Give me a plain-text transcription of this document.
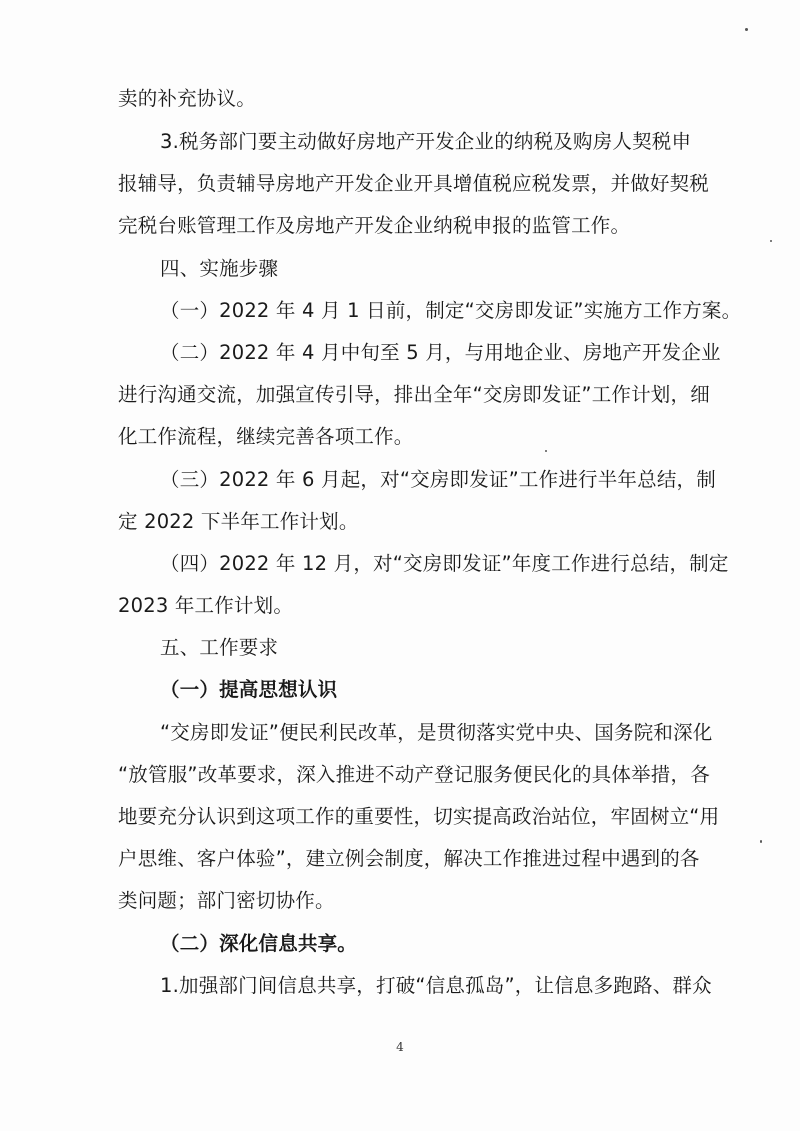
卖的补充协议。
3.税务部门要主动做好房地产开发企业的纳税及购房人契税申
报辅导，负责辅导房地产开发企业开具增值税应税发票，并做好契税
完税台账管理工作及房地产开发企业纳税申报的监管工作。
四、实施步骤
（一）2022 年 4 月 1 日前，制定“交房即发证”实施方工作方案。
（二）2022 年 4 月中旬至 5 月，与用地企业、房地产开发企业
进行沟通交流，加强宣传引导，排出全年“交房即发证”工作计划，细
化工作流程，继续完善各项工作。
（三）2022 年 6 月起，对“交房即发证”工作进行半年总结，制
定 2022 下半年工作计划。
（四）2022 年 12 月，对“交房即发证”年度工作进行总结，制定
2023 年工作计划。
五、工作要求
（一）提高思想认识
“交房即发证”便民利民改革，是贯彻落实党中央、国务院和深化
“放管服”改革要求，深入推进不动产登记服务便民化的具体举措，各
地要充分认识到这项工作的重要性，切实提高政治站位，牢固树立“用
户思维、客户体验”，建立例会制度，解决工作推进过程中遇到的各
类问题；部门密切协作。
（二）深化信息共享。
1.加强部门间信息共享，打破“信息孤岛”，让信息多跑路、群众
4
